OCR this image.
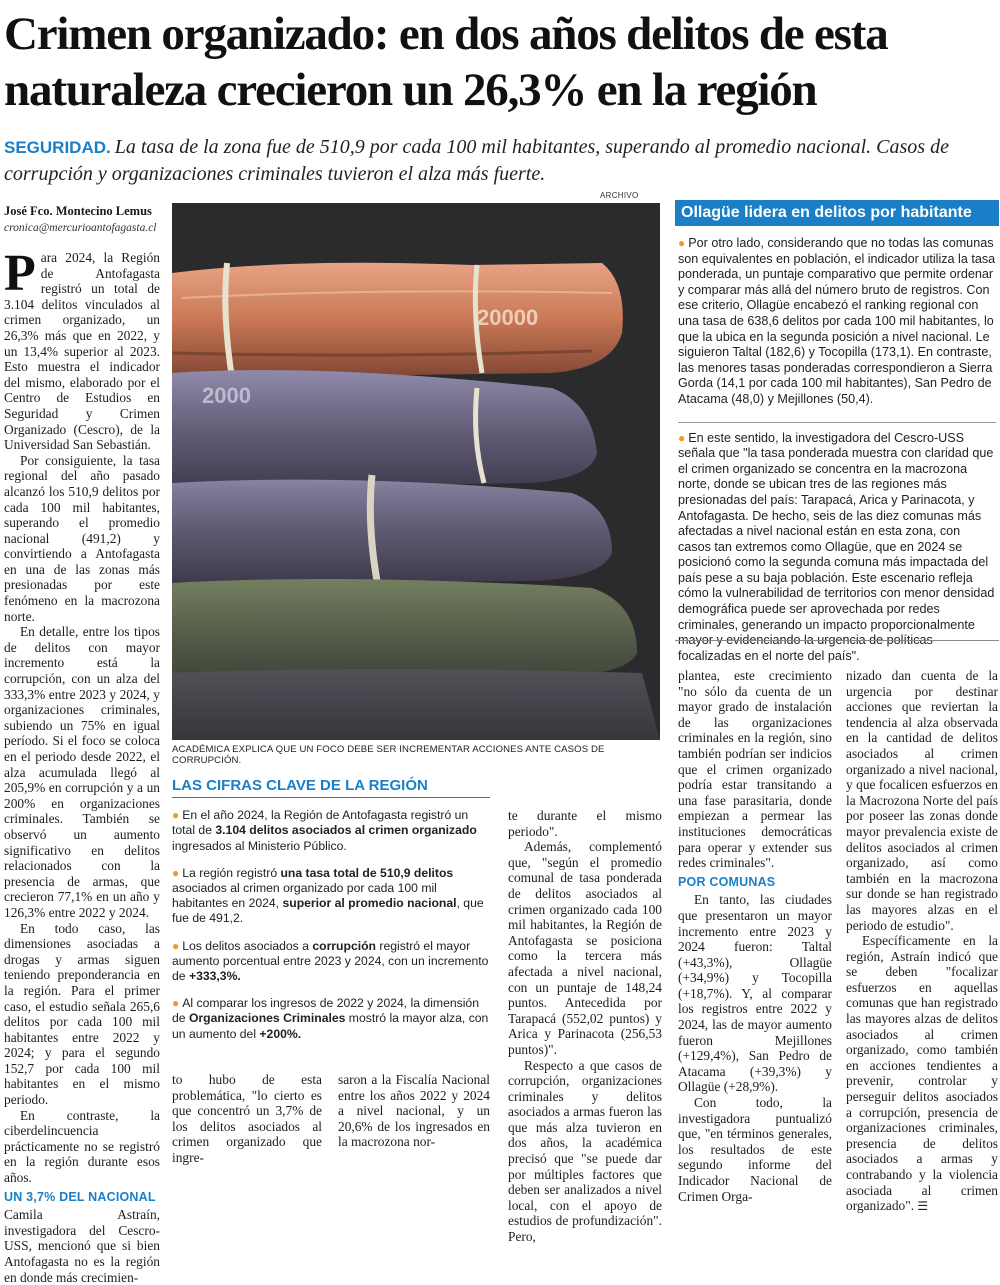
Crimen organizado: en dos años delitos de esta naturaleza crecieron un 26,3% en la región
SEGURIDAD. La tasa de la zona fue de 510,9 por cada 100 mil habitantes, superando al promedio nacional. Casos de corrupción y organizaciones criminales tuvieron el alza más fuerte.
José Fco. Montecino Lemus
cronica@mercurioantofagasta.cl

Para 2024, la Región de Antofagasta registró un total de 3.104 delitos vinculados al crimen organizado, un 26,3% más que en 2022, y un 13,4% superior al 2023. Esto muestra el indicador del mismo, elaborado por el Centro de Estudios en Seguridad y Crimen Organizado (Cescro), de la Universidad San Sebastián.

Por consiguiente, la tasa regional del año pasado alcanzó los 510,9 delitos por cada 100 mil habitantes, superando el promedio nacional (491,2) y convirtiendo a Antofagasta en una de las zonas más presionadas por este fenómeno en la macrozona norte.

En detalle, entre los tipos de delitos con mayor incremento está la corrupción, con un alza del 333,3% entre 2023 y 2024, y organizaciones criminales, subiendo un 75% en igual período. Si el foco se coloca en el periodo desde 2022, el alza acumulada llegó al 205,9% en corrupción y a un 200% en organizaciones criminales. También se observó un aumento significativo en delitos relacionados con la presencia de armas, que crecieron 77,1% en un año y 126,3% entre 2022 y 2024.

En todo caso, las dimensiones asociadas a drogas y armas siguen teniendo preponderancia en la región. Para el primer caso, el estudio señala 265,6 delitos por cada 100 mil habitantes entre 2022 y 2024; y para el segundo 152,7 por cada 100 mil habitantes en el mismo periodo.

En contraste, la ciberdelincuencia prácticamente no se registró en la región durante esos años.

UN 3,7% DEL NACIONAL

Camila Astraín, investigadora del Cescro-USS, mencionó que si bien Antofagasta no es la región en donde más crecimien-

ARCHIVO
20000
2000
ACADÉMICA EXPLICA QUE UN FOCO DEBE SER INCREMENTAR ACCIONES ANTE CASOS DE CORRUPCIÓN.
LAS CIFRAS CLAVE DE LA REGIÓN
● En el año 2024, la Región de Antofagasta registró un total de 3.104 delitos asociados al crimen organizado ingresados al Ministerio Público.
● La región registró una tasa total de 510,9 delitos asociados al crimen organizado por cada 100 mil habitantes en 2024, superior al promedio nacional, que fue de 491,2.
● Los delitos asociados a corrupción registró el mayor aumento porcentual entre 2023 y 2024, con un incremento de +333,3%.
● Al comparar los ingresos de 2022 y 2024, la dimensión de Organizaciones Criminales mostró la mayor alza, con un aumento del +200%.

to hubo de esta problemática, "lo cierto es que concentró un 3,7% de los delitos asociados al crimen organizado que ingre-

saron a la Fiscalía Nacional entre los años 2022 y 2024 a nivel nacional, y un 20,6% de los ingresados en la macrozona nor-

te durante el mismo periodo".

Además, complementó que, "según el promedio comunal de tasa ponderada de delitos asociados al crimen organizado cada 100 mil habitantes, la Región de Antofagasta se posiciona como la tercera más afectada a nivel nacional, con un puntaje de 148,24 puntos. Antecedida por Tarapacá (552,02 puntos) y Arica y Parinacota (256,53 puntos)".

Respecto a que casos de corrupción, organizaciones criminales y delitos asociados a armas fueron las que más alza tuvieron en dos años, la académica precisó que "se puede dar por múltiples factores que deben ser analizados a nivel local, con el apoyo de estudios de profundización". Pero,

plantea, este crecimiento "no sólo da cuenta de un mayor grado de instalación de las organizaciones criminales en la región, sino también podrían ser indicios que el crimen organizado podría estar transitando a una fase parasitaria, donde empiezan a permear las instituciones democráticas para operar y extender sus redes criminales".

POR COMUNAS

En tanto, las ciudades que presentaron un mayor incremento entre 2023 y 2024 fueron: Taltal (+43,3%), Ollagüe (+34,9%) y Tocopilla (+18,7%). Y, al comparar los registros entre 2022 y 2024, las de mayor aumento fueron Mejillones (+129,4%), San Pedro de Atacama (+39,3%) y Ollagüe (+28,9%).

Con todo, la investigadora puntualizó que, "en términos generales, los resultados de este segundo informe del Indicador Nacional de Crimen Orga-

nizado dan cuenta de la urgencia por destinar acciones que reviertan la tendencia al alza observada en la cantidad de delitos asociados al crimen organizado a nivel nacional, y que focalicen esfuerzos en la Macrozona Norte del país por poseer las zonas donde mayor prevalencia existe de delitos asociados al crimen organizado, así como también en la macrozona sur donde se han registrado las mayores alzas en el periodo de estudio".

Específicamente en la región, Astraín indicó que se deben "focalizar esfuerzos en aquellas comunas que han registrado las mayores alzas de delitos asociados al crimen organizado, como también en acciones tendientes a prevenir, controlar y perseguir delitos asociados a corrupción, presencia de organizaciones criminales, presencia de delitos asociados a armas y contrabando y la violencia asociada al crimen organizado". ☰

Ollagüe lidera en delitos por habitante
● Por otro lado, considerando que no todas las comunas son equivalentes en población, el indicador utiliza la tasa ponderada, un puntaje comparativo que permite ordenar y comparar más allá del número bruto de registros. Con ese criterio, Ollagüe encabezó el ranking regional con una tasa de 638,6 delitos por cada 100 mil habitantes, lo que la ubica en la segunda posición a nivel nacional. Le siguieron Taltal (182,6) y Tocopilla (173,1). En contraste, las menores tasas ponderadas correspondieron a Sierra Gorda (14,1 por cada 100 mil habitantes), San Pedro de Atacama (48,0) y Mejillones (50,4).
● En este sentido, la investigadora del Cescro-USS señala que "la tasa ponderada muestra con claridad que el crimen organizado se concentra en la macrozona norte, donde se ubican tres de las regiones más presionadas del país: Tarapacá, Arica y Parinacota, y Antofagasta. De hecho, seis de las diez comunas más afectadas a nivel nacional están en esta zona, con casos tan extremos como Ollagüe, que en 2024 se posicionó como la segunda comuna más impactada del país pese a su baja población. Este escenario refleja cómo la vulnerabilidad de territorios con menor densidad demográfica puede ser aprovechada por redes criminales, generando un impacto proporcionalmente mayor y evidenciando la urgencia de políticas focalizadas en el norte del país".
